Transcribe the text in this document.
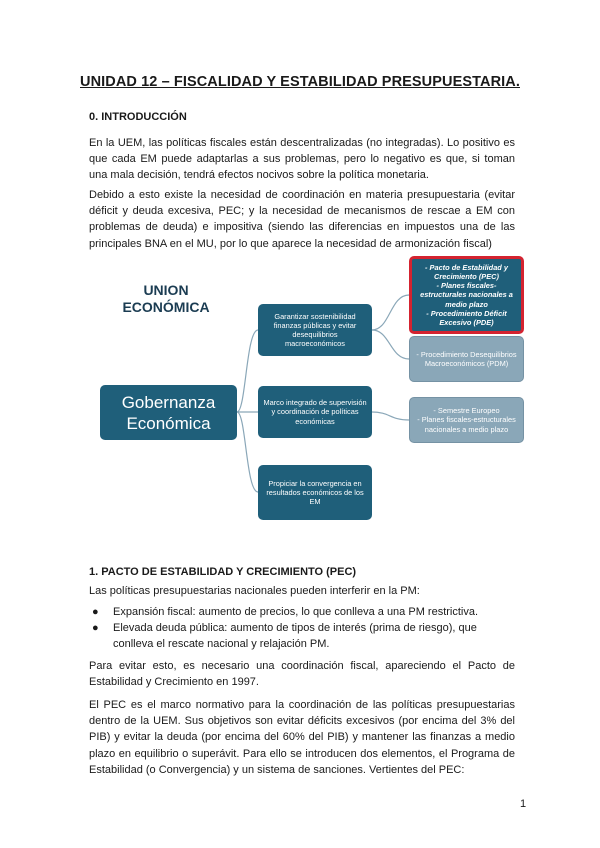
UNIDAD 12 – FISCALIDAD Y ESTABILIDAD PRESUPUESTARIA.
0. INTRODUCCIÓN

En la UEM, las políticas fiscales están descentralizadas (no integradas). Lo positivo es que cada EM puede adaptarlas a sus problemas, pero lo negativo es que, si toman una mala decisión, tendrá efectos nocivos sobre la política monetaria.

Debido a esto existe la necesidad de coordinación en materia presupuestaria (evitar déficit y deuda excesiva, PEC; y la necesidad de mecanismos de rescae a EM con problemas de deuda) e impositiva (siendo las diferencias en impuestos una de las principales BNA en el MU, por lo que aparece la necesidad de armonización fiscal)

UNION
ECONÓMICA
Gobernanza
Económica
Garantizar sostenibilidad finanzas públicas y evitar desequilibrios macroeconómicos
Marco integrado de supervisión y coordinación de políticas económicas
Propiciar la convergencia en resultados económicos de los EM
- Pacto de Estabilidad y Crecimiento (PEC)
- Planes fiscales-estructurales nacionales a medio plazo
- Procedimiento Déficit Excesivo (PDE)
- Procedimiento Desequilibrios Macroeconómicos (PDM)
- Semestre Europeo
- Planes fiscales-estructurales nacionales a medio plazo
1. PACTO DE ESTABILIDAD Y CRECIMIENTO (PEC)

Las políticas presupuestarias nacionales pueden interferir en la PM:

● Expansión fiscal: aumento de precios, lo que conlleva a una PM restrictiva.
● Elevada deuda pública: aumento de tipos de interés (prima de riesgo), que conlleva el rescate nacional y relajación PM.

Para evitar esto, es necesario una coordinación fiscal, apareciendo el Pacto de Estabilidad y Crecimiento en 1997.

El PEC es el marco normativo para la coordinación de las políticas presupuestarias dentro de la UEM. Sus objetivos son evitar déficits excesivos (por encima del 3% del PIB) y evitar la deuda (por encima del 60% del PIB) y mantener las finanzas a medio plazo en equilibrio o superávit. Para ello se introducen dos elementos, el Programa de Estabilidad (o Convergencia) y un sistema de sanciones. Vertientes del PEC:

1
